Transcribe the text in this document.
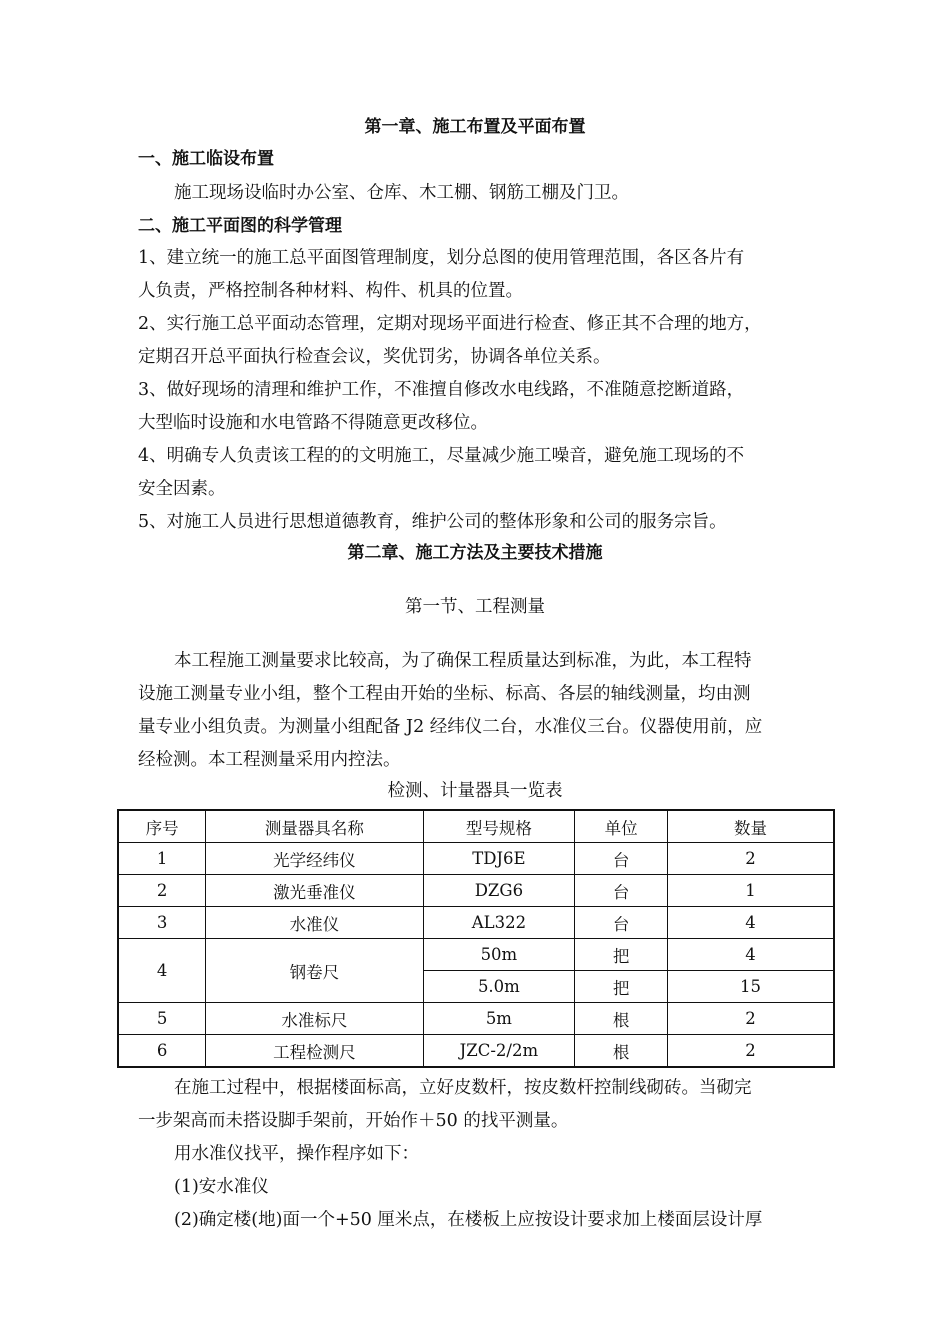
第一章、施工布置及平面布置
一、施工临设布置
施工现场设临时办公室、仓库、木工棚、钢筋工棚及门卫。
二、施工平面图的科学管理
1、建立统一的施工总平面图管理制度，划分总图的使用管理范围，各区各片有
人负责，严格控制各种材料、构件、机具的位置。
2、实行施工总平面动态管理，定期对现场平面进行检查、修正其不合理的地方，
定期召开总平面执行检查会议，奖优罚劣，协调各单位关系。
3、做好现场的清理和维护工作，不准擅自修改水电线路，不准随意挖断道路，
大型临时设施和水电管路不得随意更改移位。
4、明确专人负责该工程的的文明施工，尽量减少施工噪音，避免施工现场的不
安全因素。
5、对施工人员进行思想道德教育，维护公司的整体形象和公司的服务宗旨。
第二章、施工方法及主要技术措施
第一节、工程测量
本工程施工测量要求比较高，为了确保工程质量达到标准，为此，本工程特
设施工测量专业小组，整个工程由开始的坐标、标高、各层的轴线测量，均由测
量专业小组负责。为测量小组配备 J2 经纬仪二台，水准仪三台。仪器使用前，应
经检测。本工程测量采用内控法。
检测、计量器具一览表
序号	测量器具名称	型号规格	单位	数量
1	光学经纬仪	TDJ6E	台	2
2	激光垂准仪	DZG6	台	1
3	水准仪	AL322	台	4
4	钢卷尺	50m	把	4
		5.0m	把	15
5	水准标尺	5m	根	2
6	工程检测尺	JZC-2/2m	根	2
在施工过程中，根据楼面标高，立好皮数杆，按皮数杆控制线砌砖。当砌完
一步架高而未搭设脚手架前，开始作＋50 的找平测量。
用水准仪找平，操作程序如下：
(1)安水准仪
(2)确定楼(地)面一个+50 厘米点，在楼板上应按设计要求加上楼面层设计厚
